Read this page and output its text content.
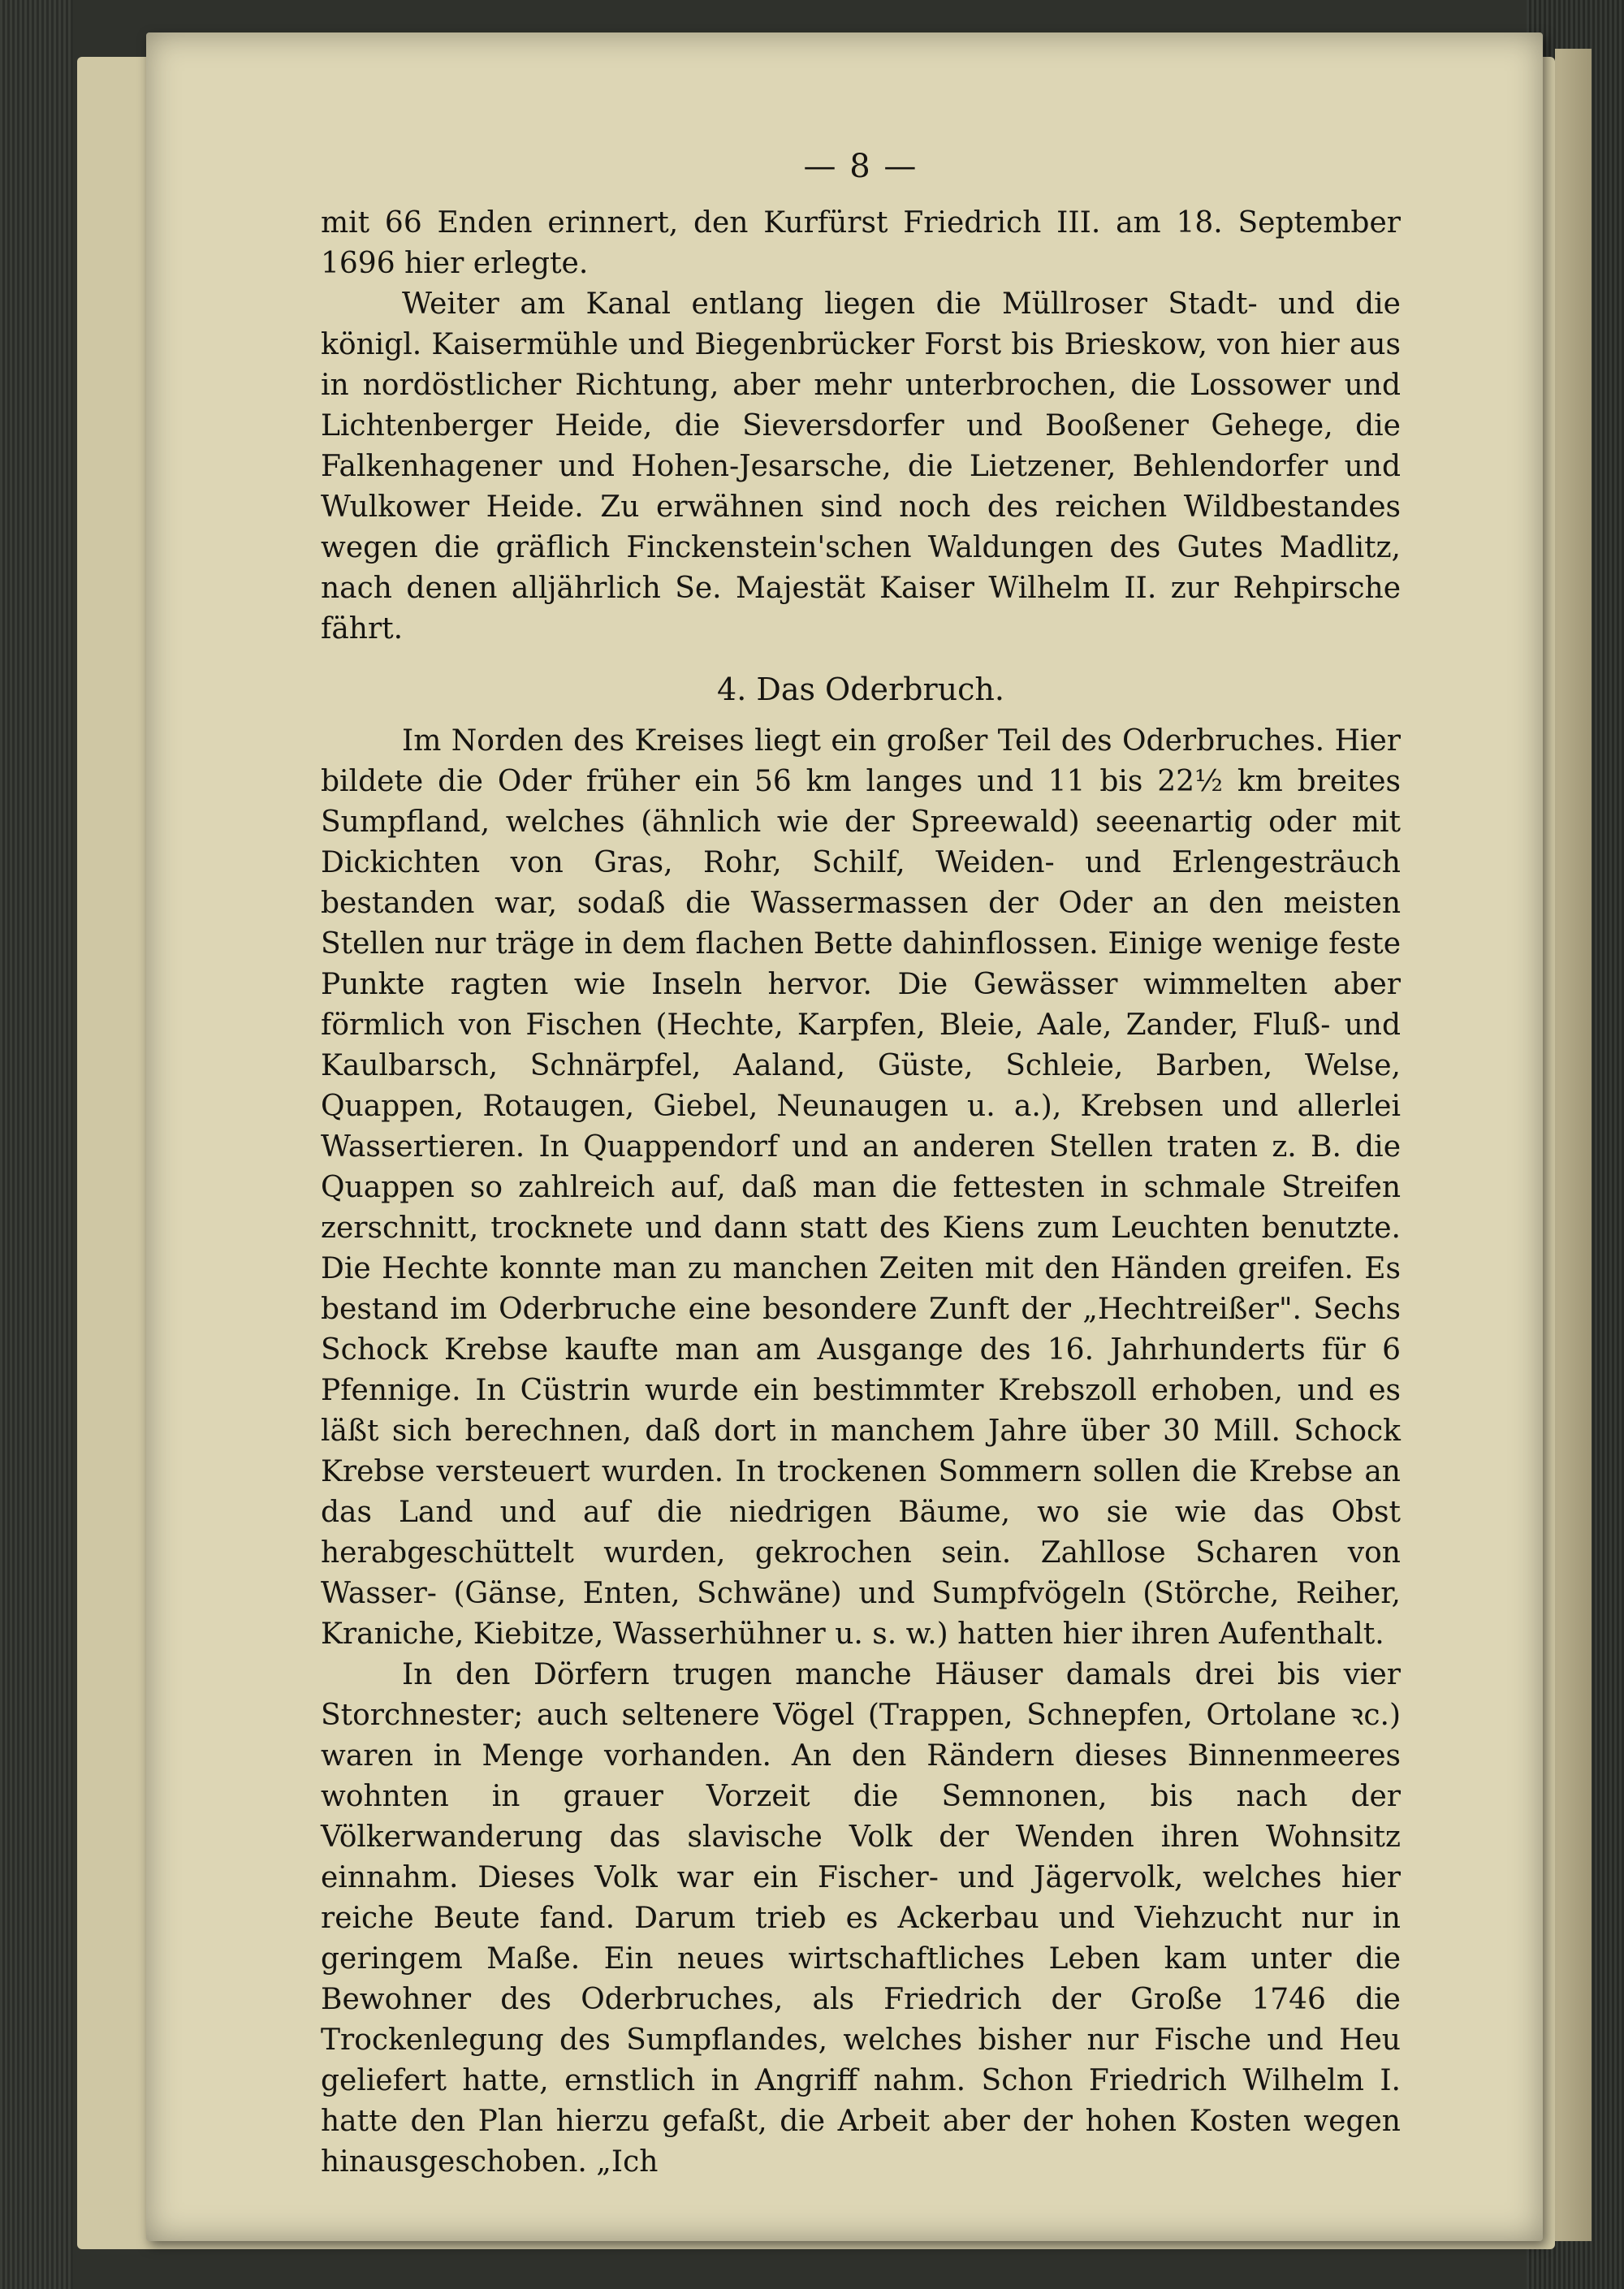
— 8 —

mit 66 Enden erinnert, den Kurfürst Friedrich III. am 18. September 1696 hier erlegte.

Weiter am Kanal entlang liegen die Müllroser Stadt- und die königl. Kaisermühle und Biegenbrücker Forst bis Brieskow, von hier aus in nordöstlicher Richtung, aber mehr unterbrochen, die Lossower und Lichtenberger Heide, die Sieversdorfer und Booßener Gehege, die Falkenhagener und Hohen-Jesarsche, die Lietzener, Behlendorfer und Wulkower Heide. Zu erwähnen sind noch des reichen Wildbestandes wegen die gräflich Finckenstein'schen Waldungen des Gutes Madlitz, nach denen alljährlich Se. Majestät Kaiser Wilhelm II. zur Rehpirsche fährt.

4. Das Oderbruch.

Im Norden des Kreises liegt ein großer Teil des Oderbruches. Hier bildete die Oder früher ein 56 km langes und 11 bis 22½ km breites Sumpfland, welches (ähnlich wie der Spreewald) seeenartig oder mit Dickichten von Gras, Rohr, Schilf, Weiden- und Erlengesträuch bestanden war, sodaß die Wassermassen der Oder an den meisten Stellen nur träge in dem flachen Bette dahinflossen. Einige wenige feste Punkte ragten wie Inseln hervor. Die Gewässer wimmelten aber förmlich von Fischen (Hechte, Karpfen, Bleie, Aale, Zander, Fluß- und Kaulbarsch, Schnärpfel, Aaland, Güste, Schleie, Barben, Welse, Quappen, Rotaugen, Giebel, Neunaugen u. a.), Krebsen und allerlei Wassertieren. In Quappendorf und an anderen Stellen traten z. B. die Quappen so zahlreich auf, daß man die fettesten in schmale Streifen zerschnitt, trocknete und dann statt des Kiens zum Leuchten benutzte. Die Hechte konnte man zu manchen Zeiten mit den Händen greifen. Es bestand im Oderbruche eine besondere Zunft der „Hechtreißer". Sechs Schock Krebse kaufte man am Ausgange des 16. Jahrhunderts für 6 Pfennige. In Cüstrin wurde ein bestimmter Krebszoll erhoben, und es läßt sich berechnen, daß dort in manchem Jahre über 30 Mill. Schock Krebse versteuert wurden. In trockenen Sommern sollen die Krebse an das Land und auf die niedrigen Bäume, wo sie wie das Obst herabgeschüttelt wurden, gekrochen sein. Zahllose Scharen von Wasser- (Gänse, Enten, Schwäne) und Sumpfvögeln (Störche, Reiher, Kraniche, Kiebitze, Wasserhühner u. s. w.) hatten hier ihren Aufenthalt.

In den Dörfern trugen manche Häuser damals drei bis vier Storchnester; auch seltenere Vögel (Trappen, Schnepfen, Ortolane ꝛc.) waren in Menge vorhanden. An den Rändern dieses Binnenmeeres wohnten in grauer Vorzeit die Semnonen, bis nach der Völkerwanderung das slavische Volk der Wenden ihren Wohnsitz einnahm. Dieses Volk war ein Fischer- und Jägervolk, welches hier reiche Beute fand. Darum trieb es Ackerbau und Viehzucht nur in geringem Maße. Ein neues wirtschaftliches Leben kam unter die Bewohner des Oderbruches, als Friedrich der Große 1746 die Trockenlegung des Sumpflandes, welches bisher nur Fische und Heu geliefert hatte, ernstlich in Angriff nahm. Schon Friedrich Wilhelm I. hatte den Plan hierzu gefaßt, die Arbeit aber der hohen Kosten wegen hinausgeschoben. „Ich
